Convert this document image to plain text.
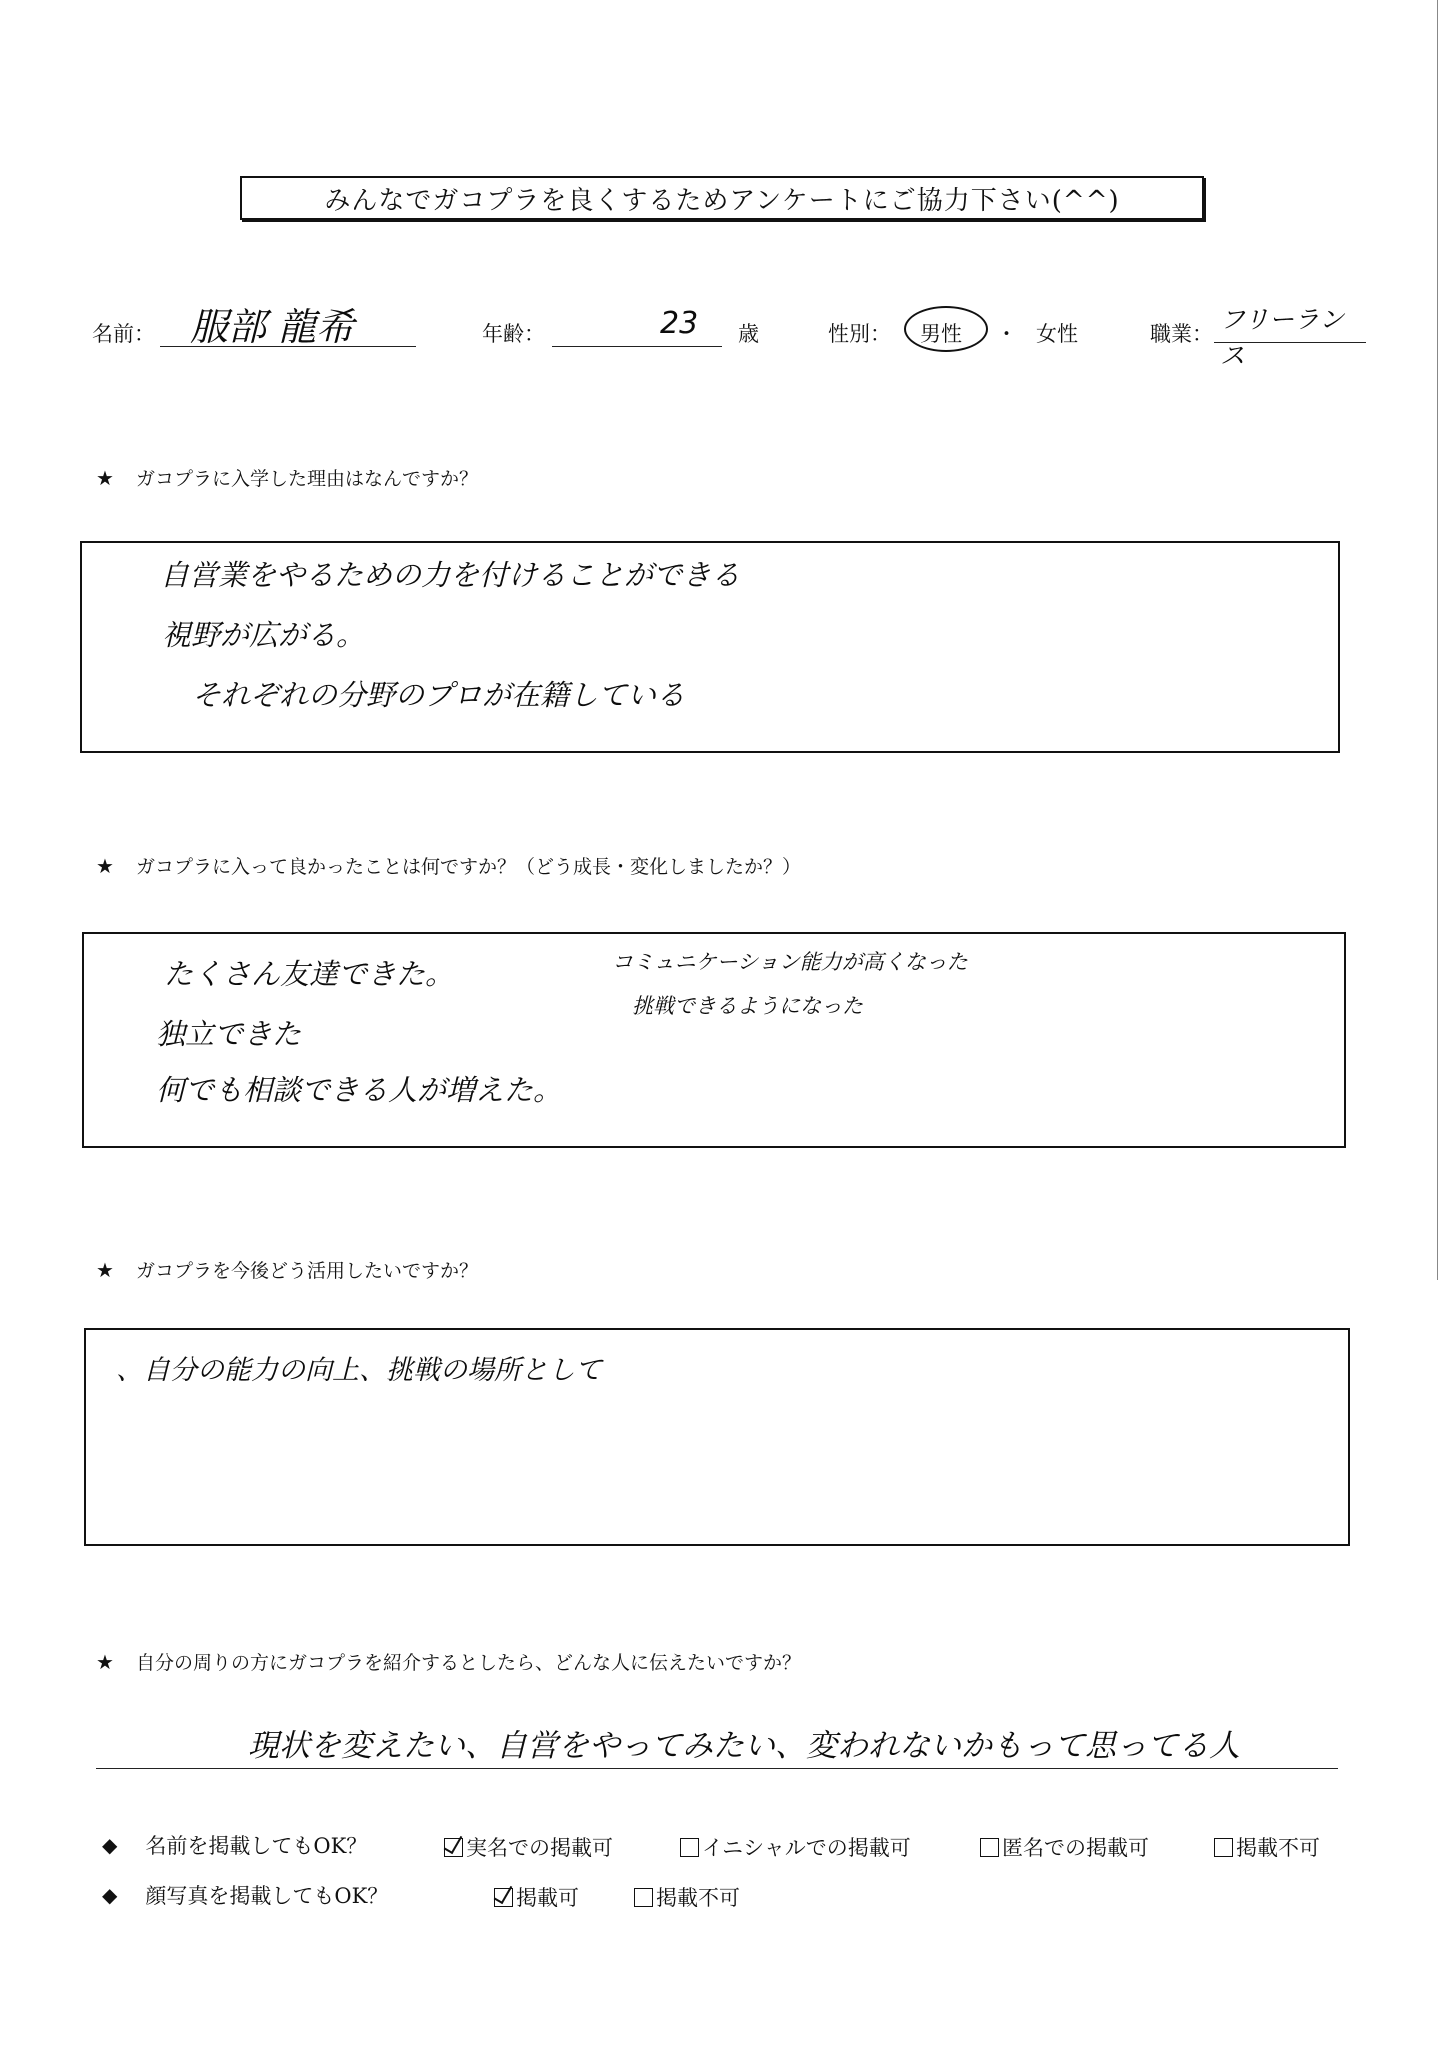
みんなでガコプラを良くするためアンケートにご協力下さい(^^)
名前： 服部 龍希	年齢：	23 歳	性別： 男性 ・ 女性	職業： フリーランス
★ ガコプラに入学した理由はなんですか？
自営業をやるための力を付けることができる
視野が広がる。
それぞれの分野のプロが在籍している
★ ガコプラに入って良かったことは何ですか？（どう成長・変化しましたか？）
たくさん友達できた。
独立できた
何でも相談できる人が増えた。
コミュニケーション能力が高くなった
挑戦できるようになった
★ ガコプラを今後どう活用したいですか？
、自分の能力の向上、挑戦の場所として
★ 自分の周りの方にガコプラを紹介するとしたら、どんな人に伝えたいですか？
現状を変えたい、自営をやってみたい、変われないかもって思ってる人
◆ 名前を掲載してもOK？	実名での掲載可	イニシャルでの掲載可	匿名での掲載可	掲載不可
◆ 顔写真を掲載してもOK？	掲載可	掲載不可
